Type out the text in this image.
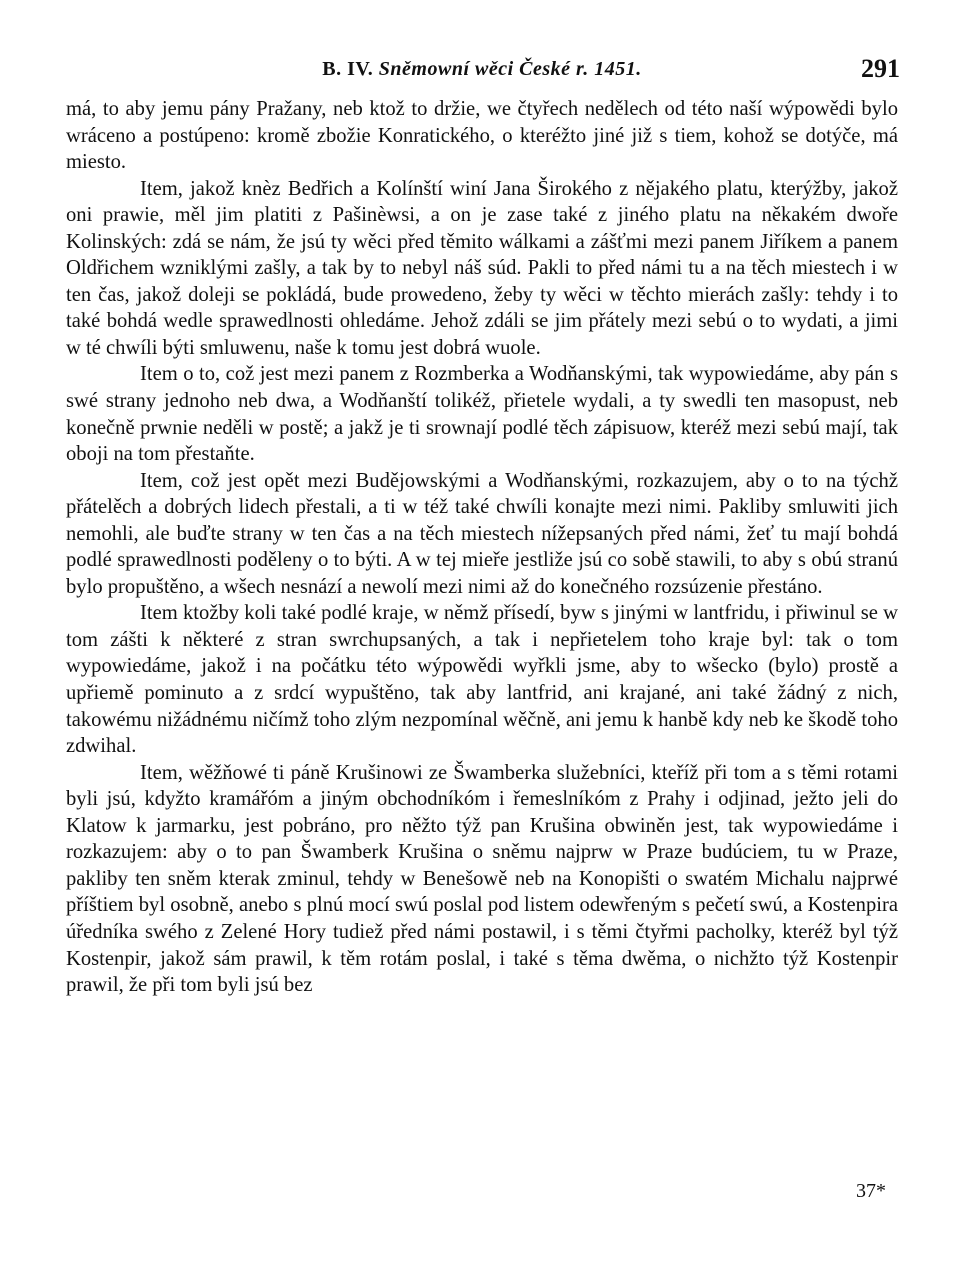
B. IV. Sněmowní wěci České r. 1451.	291

má, to aby jemu pány Pražany, neb ktož to držie, we čtyřech nedělech od této naší wýpowědi bylo wráceno a postúpeno: kromě zbožie Konratického, o kteréžto jiné již s tiem, kohož se dotýče, má miesto.

Item, jakož knèz Bedřich a Kolínští winí Jana Širokého z nějakého platu, kterýžby, jakož oni prawie, měl jim platiti z Pašinèwsi, a on je zase také z jiného platu na někakém dwoře Kolinských: zdá se nám, že jsú ty wěci před těmito wálkami a zášťmi mezi panem Jiříkem a panem Oldřichem wzniklými zašly, a tak by to nebyl náš súd. Pakli to před námi tu a na těch miestech i w ten čas, jakož doleji se pokládá, bude prowedeno, žeby ty wěci w těchto mierách zašly: tehdy i to také bohdá wedle sprawedlnosti ohledáme. Jehož zdáli se jim přátely mezi sebú o to wydati, a jimi w té chwíli býti smluwenu, naše k tomu jest dobrá wuole.

Item o to, což jest mezi panem z Rozmberka a Wodňanskými, tak wypowiedáme, aby pán s swé strany jednoho neb dwa, a Wodňanští tolikéž, přietele wydali, a ty swedli ten masopust, neb konečně prwnie neděli w postě; a jakž je ti srownají podlé těch zápisuow, kteréž mezi sebú mají, tak oboji na tom přestaňte.

Item, což jest opět mezi Budějowskými a Wodňanskými, rozkazujem, aby o to na týchž přátelěch a dobrých lidech přestali, a ti w též také chwíli konajte mezi nimi. Pakliby smluwiti jich nemohli, ale buďte strany w ten čas a na těch miestech nížepsaných před námi, žeť tu mají bohdá podlé sprawedlnosti poděleny o to býti. A w tej mieře jestliže jsú co sobě stawili, to aby s obú stranú bylo propuštěno, a wšech nesnází a newolí mezi nimi až do konečného rozsúzenie přestáno.

Item ktožby koli také podlé kraje, w němž přísedí, byw s jinými w lantfridu, i přiwinul se w tom zášti k některé z stran swrchupsaných, a tak i nepřietelem toho kraje byl: tak o tom wypowiedáme, jakož i na počátku této wýpowědi wyřkli jsme, aby to wšecko (bylo) prostě a upřiemě pominuto a z srdcí wypuštěno, tak aby lantfrid, ani krajané, ani také žádný z nich, takowému nižádnému ničímž toho zlým nezpomínal wěčně, ani jemu k hanbě kdy neb ke škodě toho zdwihal.

Item, wěžňowé ti páně Krušinowi ze Šwamberka služebníci, kteříž při tom a s těmi rotami byli jsú, kdyžto kramářóm a jiným obchodníkóm i řemeslníkóm z Prahy i odjinad, ježto jeli do Klatow k jarmarku, jest pobráno, pro něžto týž pan Krušina obwiněn jest, tak wypowiedáme i rozkazujem: aby o to pan Šwamberk Krušina o sněmu najprw w Praze budúciem, tu w Praze, pakliby ten sněm kterak zminul, tehdy w Benešowě neb na Konopišti o swatém Michalu najprwé příštiem byl osobně, anebo s plnú mocí swú poslal pod listem odewřeným s pečetí swú, a Kostenpira úředníka swého z Zelené Hory tudiež před námi postawil, i s těmi čtyřmi pacholky, kteréž byl týž Kostenpir, jakož sám prawil, k těm rotám poslal, i také s těma dwěma, o nichžto týž Kostenpir prawil, že při tom byli jsú bez

37*
